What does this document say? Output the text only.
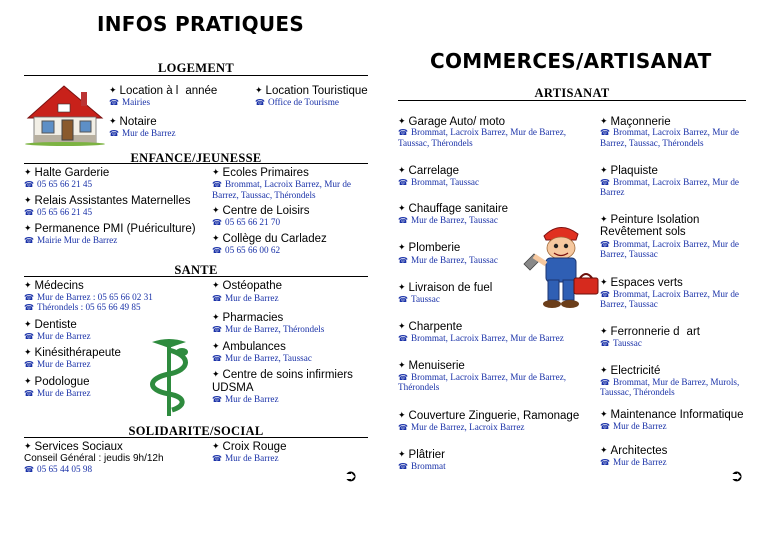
INFOS PRATIQUES
LOGEMENT
✦ Location à lannée
☎ Mairies
✦ Location Touristique
☎ Office de Tourisme
✦ Notaire
☎ Mur de Barrez
ENFANCE/JEUNESSE
✦ Halte Garderie
☎ 05 65 66 21 45
✦ Ecoles Primaires
☎ Brommat, Lacroix Barrez, Mur de
Barrez, Taussac, Thérondels
✦ Relais Assistantes Maternelles
☎ 05 65 66 21 45	✦ Centre de Loisirs
☎ 05 65 66 21 70
✦ Permanence PMI (Puériculture)
☎ Mairie Mur de Barrez	✦ Collège du Carladez
☎ 05 65 66 00 62
SANTE
✦ Médecins
☎ Mur de Barrez : 05 65 66 02 31
☎ Thérondels : 05 65 66 49 85
✦ Ostéopathe
☎ Mur de Barrez
✦ Pharmacies
☎ Mur de Barrez, Thérondels
✦ Dentiste
☎ Mur de Barrez
✦ Ambulances
☎ Mur de Barrez, Taussac
✦ Kinésithérapeute
☎ Mur de Barrez
✦ Centre de soins infirmiers
UDSMA
☎ Mur de Barrez
✦ Podologue
☎ Mur de Barrez
SOLIDARITE/SOCIAL
✦ Services Sociaux
Conseil Général : jeudis 9h/12h
☎ 05 65 44 05 98
✦ Croix Rouge
☎ Mur de Barrez
➲
COMMERCES/ARTISANAT
ARTISANAT
✦ Garage Auto/ moto
☎ Brommat, Lacroix Barrez, Mur de Barrez,
Taussac, Thérondels
✦ Carrelage
☎ Brommat, Taussac
✦ Chauffage sanitaire
☎ Mur de Barrez, Taussac
✦ Plomberie
☎ Mur de Barrez, Taussac
✦ Livraison de fuel
☎ Taussac
✦ Charpente
☎ Brommat, Lacroix Barrez, Mur de Barrez
✦ Menuiserie
☎ Brommat, Lacroix Barrez, Mur de Barrez,
Thérondels
✦ Couverture Zinguerie, Ramonage
☎ Mur de Barrez, Lacroix Barrez
✦ Plâtrier
☎ Brommat
✦ Maçonnerie
☎ Brommat, Lacroix Barrez, Mur de
Barrez, Taussac, Thérondels
✦ Plaquiste
☎ Brommat, Lacroix Barrez, Mur de
Barrez
✦ Peinture Isolation
Revêtement sols
☎ Brommat, Lacroix Barrez, Mur de
Barrez, Taussac
✦ Espaces verts
☎ Brommat, Lacroix Barrez, Mur de
Barrez, Taussac
✦ Ferronnerie dart
☎ Taussac
✦ Electricité
☎ Brommat, Mur de Barrez, Murols,
Taussac, Thérondels
✦ Maintenance Informatique
☎ Mur de Barrez
✦ Architectes
☎ Mur de Barrez
➲
